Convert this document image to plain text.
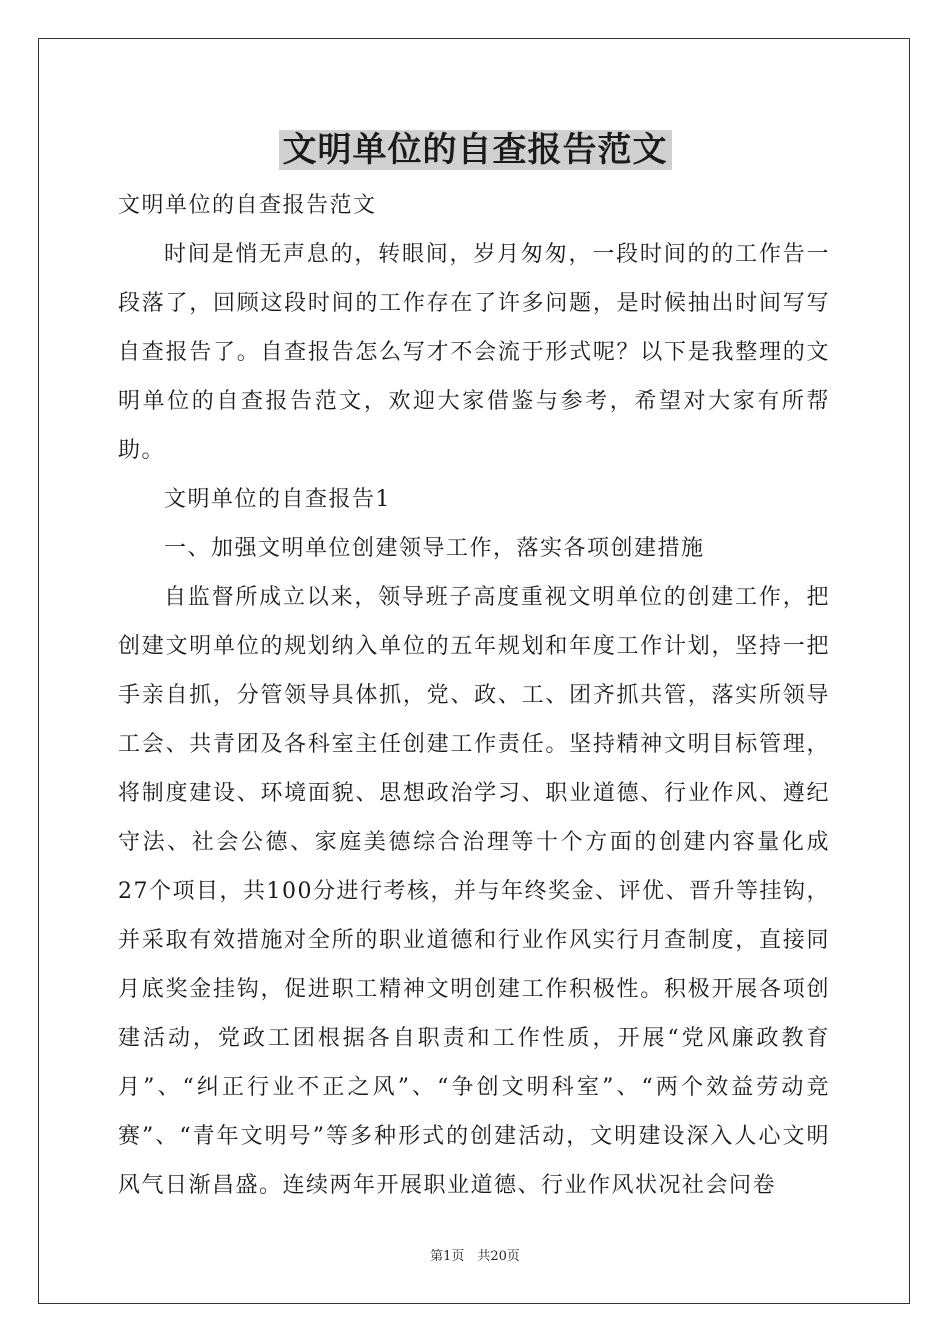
文明单位的自查报告范文

文明单位的自查报告范文

时间是悄无声息的，转眼间，岁月匆匆，一段时间的的工作告一段落了，回顾这段时间的工作存在了许多问题，是时候抽出时间写写自查报告了。自查报告怎么写才不会流于形式呢？以下是我整理的文明单位的自查报告范文，欢迎大家借鉴与参考，希望对大家有所帮助。

文明单位的自查报告1

一、加强文明单位创建领导工作，落实各项创建措施

自监督所成立以来，领导班子高度重视文明单位的创建工作，把创建文明单位的规划纳入单位的五年规划和年度工作计划，坚持一把手亲自抓，分管领导具体抓，党、政、工、团齐抓共管，落实所领导工会、共青团及各科室主任创建工作责任。坚持精神文明目标管理，将制度建设、环境面貌、思想政治学习、职业道德、行业作风、遵纪守法、社会公德、家庭美德综合治理等十个方面的创建内容量化成27个项目，共100分进行考核，并与年终奖金、评优、晋升等挂钩，并采取有效措施对全所的职业道德和行业作风实行月查制度，直接同月底奖金挂钩，促进职工精神文明创建工作积极性。积极开展各项创建活动，党政工团根据各自职责和工作性质，开展“党风廉政教育月”、“纠正行业不正之风”、“争创文明科室”、“两个效益劳动竞赛”、“青年文明号”等多种形式的创建活动，文明建设深入人心文明风气日渐昌盛。连续两年开展职业道德、行业作风状况社会问卷

第1页　共20页
